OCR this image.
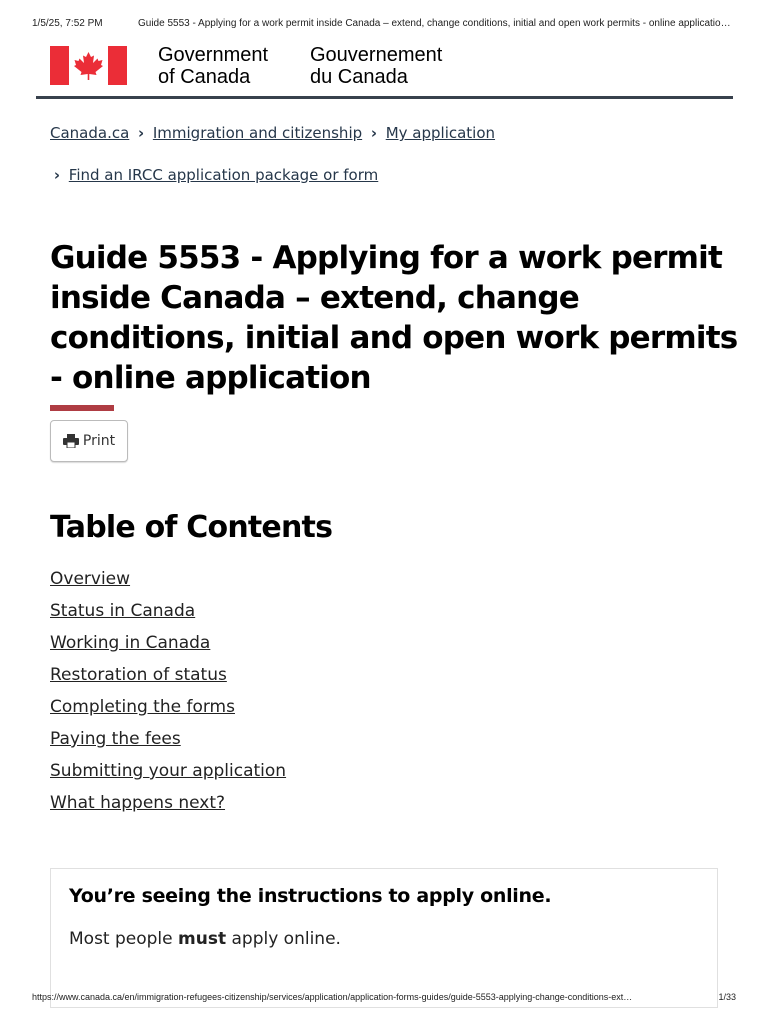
1/5/25, 7:52 PM	Guide 5553 - Applying for a work permit inside Canada – extend, change conditions, initial and open work permits - online applicatio…
Government
of Canada
Gouvernement
du Canada
Canada.ca › Immigration and citizenship › My application
› Find an IRCC application package or form
Guide 5553 - Applying for a work permit inside Canada – extend, change conditions, initial and open work permits - online application
Print
Table of Contents
Overview
Status in Canada
Working in Canada
Restoration of status
Completing the forms
Paying the fees
Submitting your application
What happens next?
You’re seeing the instructions to apply online.

Most people must apply online.

https://www.canada.ca/en/immigration-refugees-citizenship/services/application/application-forms-guides/guide-5553-applying-change-conditions-ext…	1/33
